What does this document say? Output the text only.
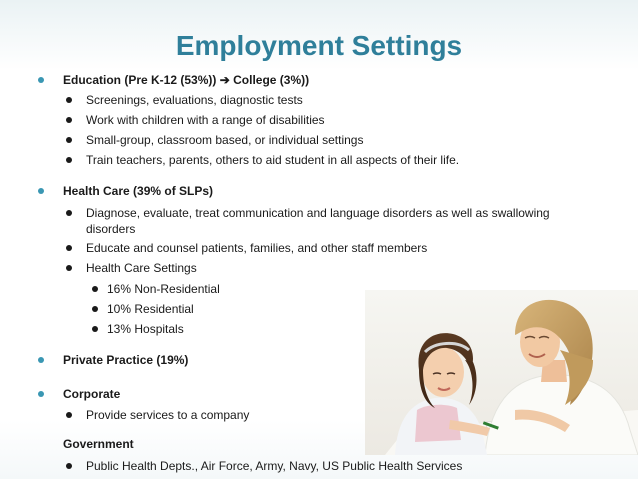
Employment Settings
Education (Pre K-12 (53%)) ➔ College (3%))
Screenings, evaluations, diagnostic tests
Work with children with a range of disabilities
Small-group, classroom based, or individual settings
Train teachers, parents, others to aid student in all aspects of their life.
Health Care (39% of SLPs)
Diagnose, evaluate, treat communication and language disorders as well as swallowing
disorders
Educate and counsel patients, families, and other staff members
Health Care Settings
16% Non-Residential
10% Residential
13% Hospitals
Private Practice (19%)
Corporate
Provide services to a company
Government
Public Health Depts., Air Force, Army, Navy, US Public Health Services
